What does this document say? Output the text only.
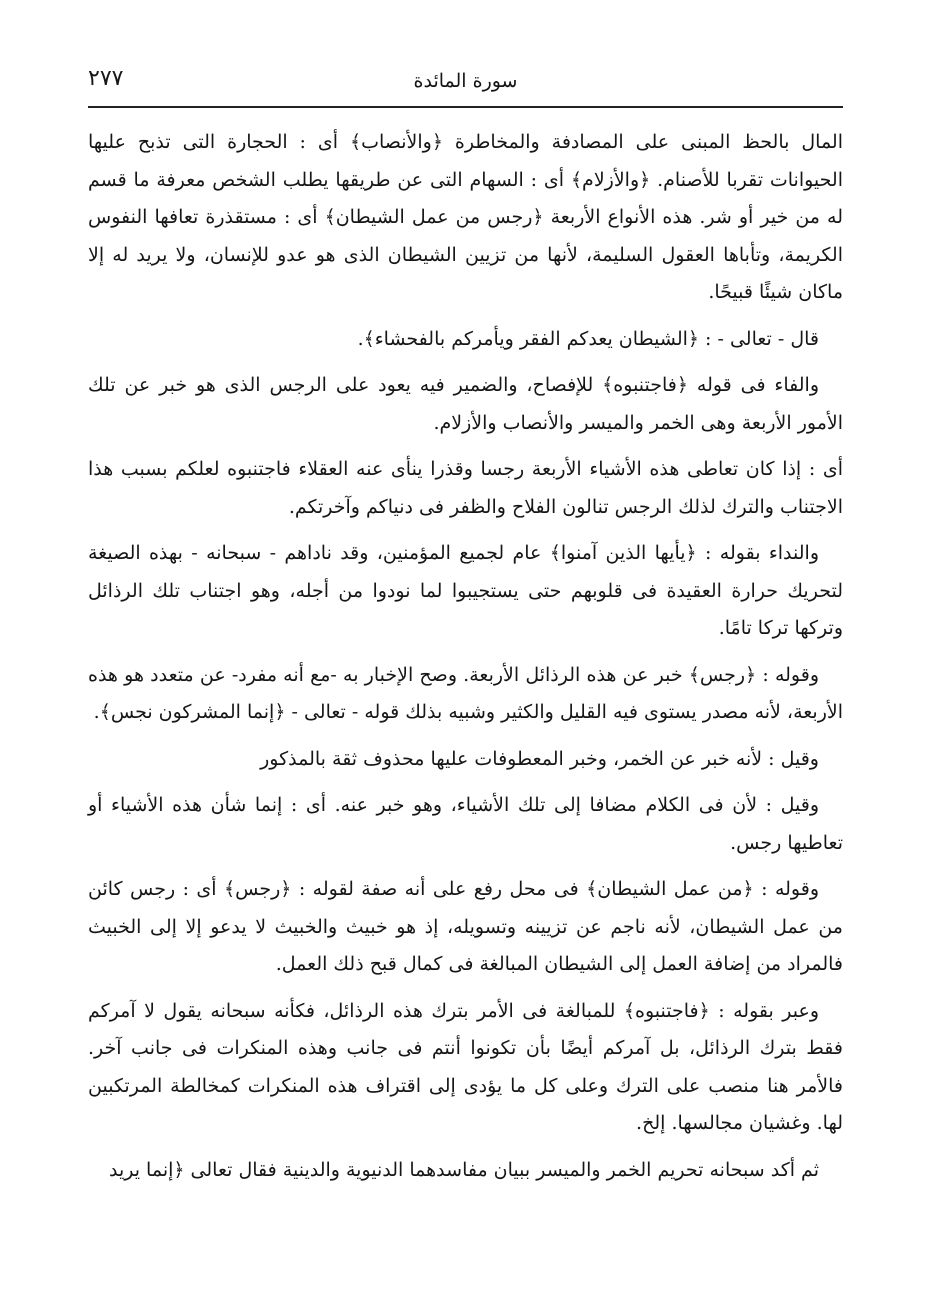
٢٧٧	سورة المائدة

المال بالحظ المبنى على المصادفة والمخاطرة ﴿والأنصاب﴾ أى : الحجارة التى تذبح عليها الحيوانات تقربا للأصنام. ﴿والأزلام﴾ أى : السهام التى عن طريقها يطلب الشخص معرفة ما قسم له من خير أو شر. هذه الأنواع الأربعة ﴿رجس من عمل الشيطان﴾ أى : مستقذرة تعافها النفوس الكريمة، وتأباها العقول السليمة، لأنها من تزيين الشيطان الذى هو عدو للإنسان، ولا يريد له إلا ماكان شيئًا قبيحًا.

قال - تعالى - : ﴿الشيطان يعدكم الفقر ويأمركم بالفحشاء﴾.

والفاء فى قوله ﴿فاجتنبوه﴾ للإفصاح، والضمير فيه يعود على الرجس الذى هو خبر عن تلك الأمور الأربعة وهى الخمر والميسر والأنصاب والأزلام.

أى : إذا كان تعاطى هذه الأشياء الأربعة رجسا وقذرا ينأى عنه العقلاء فاجتنبوه لعلكم بسبب هذا الاجتناب والترك لذلك الرجس تنالون الفلاح والظفر فى دنياكم وآخرتكم.

والنداء بقوله : ﴿يأيها الذين آمنوا﴾ عام لجميع المؤمنين، وقد ناداهم - سبحانه - بهذه الصيغة لتحريك حرارة العقيدة فى قلوبهم حتى يستجيبوا لما نودوا من أجله، وهو اجتناب تلك الرذائل وتركها تركا تامًا.

وقوله : ﴿رجس﴾ خبر عن هذه الرذائل الأربعة. وصح الإخبار به -مع أنه مفرد- عن متعدد هو هذه الأربعة، لأنه مصدر يستوى فيه القليل والكثير وشبيه بذلك قوله - تعالى - ﴿إنما المشركون نجس﴾.

وقيل : لأنه خبر عن الخمر، وخبر المعطوفات عليها محذوف ثقة بالمذكور

وقيل : لأن فى الكلام مضافا إلى تلك الأشياء، وهو خبر عنه. أى : إنما شأن هذه الأشياء أو تعاطيها رجس.

وقوله : ﴿من عمل الشيطان﴾ فى محل رفع على أنه صفة لقوله : ﴿رجس﴾ أى : رجس كائن من عمل الشيطان، لأنه ناجم عن تزيينه وتسويله، إذ هو خبيث والخبيث لا يدعو إلا إلى الخبيث فالمراد من إضافة العمل إلى الشيطان المبالغة فى كمال قبح ذلك العمل.

وعبر بقوله : ﴿فاجتنبوه﴾ للمبالغة فى الأمر بترك هذه الرذائل، فكأنه سبحانه يقول لا آمركم فقط بترك الرذائل، بل آمركم أيضًا بأن تكونوا أنتم فى جانب وهذه المنكرات فى جانب آخر. فالأمر هنا منصب على الترك وعلى كل ما يؤدى إلى اقتراف هذه المنكرات كمخالطة المرتكبين لها. وغشيان مجالسها. إلخ.

ثم أكد سبحانه تحريم الخمر والميسر ببيان مفاسدهما الدنيوية والدينية فقال تعالى ﴿إنما يريد
